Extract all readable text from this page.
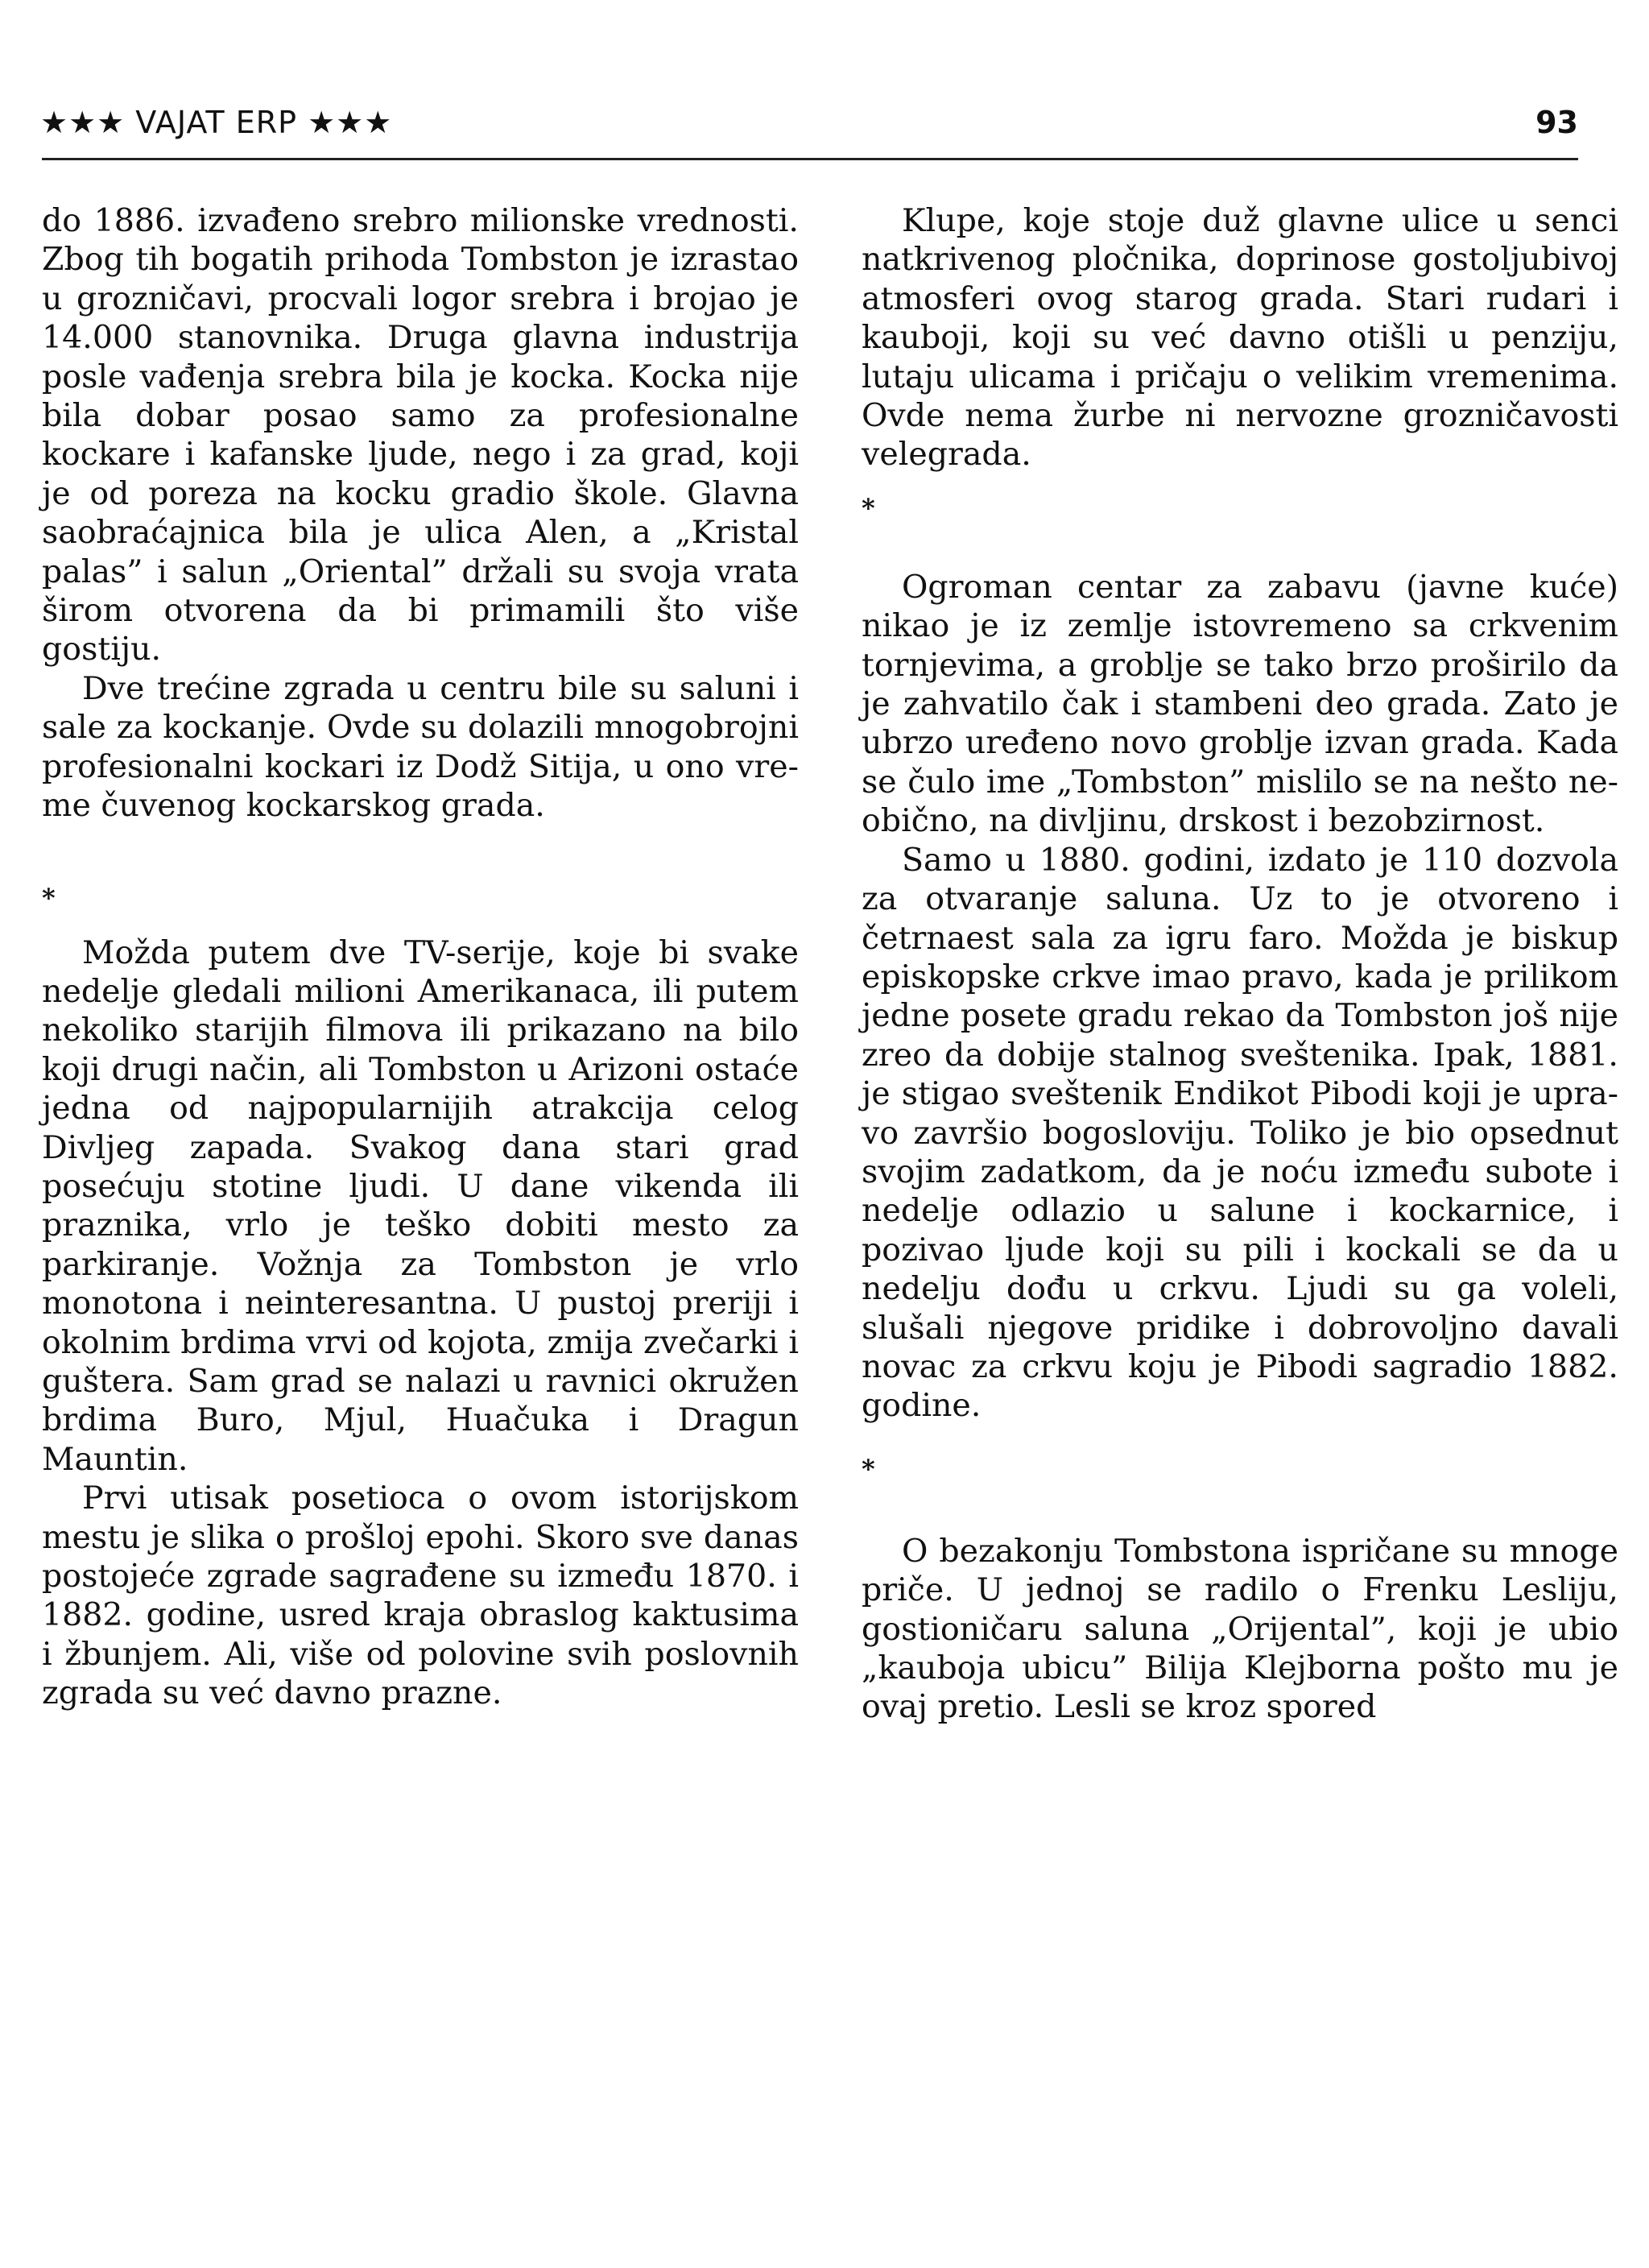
★★★ VAJAT ERP ★★★	93

do 1886. izvađeno srebro milionske vrednosti. Zbog tih bogatih prihoda Tombston je izrastao u grozničavi, procvali logor srebra i brojao je 14.000 stanovnika. Druga glavna industrija posle vađenja srebra bila je kocka. Kocka nije bila dobar posao samo za profesionalne kockare i kafanske ljude, nego i za grad, koji je od poreza na kocku gradio škole. Glavna saobraćajnica bila je ulica Alen, a „Kristal palas” i salun „Oriental” držali su svoja vrata širom otvorena da bi primamili što više gostiju.

Dve trećine zgrada u centru bile su saluni i sale za kockanje. Ovde su dolazili mnogobrojni profesionalni kockari iz Dodž Sitija, u ono vreme čuvenog kockarskog grada.

*

Možda putem dve TV-serije, koje bi svake nedelje gledali milioni Amerikanaca, ili putem nekoliko starijih filmova ili prikazano na bilo koji drugi način, ali Tombston u Arizoni ostaće jedna od najpopularnijih atrakcija celog Divljeg zapada. Svakog dana stari grad posećuju stotine ljudi. U dane vikenda ili praznika, vrlo je teško dobiti mesto za parkiranje. Vožnja za Tombston je vrlo monotona i neinteresantna. U pustoj preriji i okolnim brdima vrvi od kojota, zmija zvečarki i guštera. Sam grad se nalazi u ravnici okružen brdima Buro, Mjul, Huačuka i Dragun Mauntin.

Prvi utisak posetioca o ovom istorijskom mestu je slika o prošloj epohi. Skoro sve danas postojeće zgrade sagrađene su između 1870. i 1882. godine, usred kraja obraslog kaktusima i žbunjem. Ali, više od polovine svih poslovnih zgrada su već davno prazne.

Klupe, koje stoje duž glavne ulice u senci natkrivenog pločnika, doprinose gostoljubivoj atmosferi ovog starog grada. Stari rudari i kauboji, koji su već davno otišli u penziju, lutaju ulicama i pričaju o velikim vremenima. Ovde nema žurbe ni nervozne grozničavosti velegrada.

*

Ogroman centar za zabavu (javne kuće) nikao je iz zemlje istovremeno sa crkvenim tornjevima, a groblje se tako brzo proširilo da je zahvatilo čak i stambeni deo grada. Zato je ubrzo uređeno novo groblje izvan grada. Kada se čulo ime „Tombston” mislilo se na nešto neobično, na divljinu, drskost i bezobzirnost.

Samo u 1880. godini, izdato je 110 dozvola za otvaranje saluna. Uz to je otvoreno i četrnaest sala za igru faro. Možda je biskup episkopske crkve imao pravo, kada je prilikom jedne posete gradu rekao da Tombston još nije zreo da dobije stalnog sveštenika. Ipak, 1881. je stigao sveštenik Endikot Pibodi koji je upravo završio bogosloviju. Toliko je bio opsednut svojim zadatkom, da je noću između subote i nedelje odlazio u salune i kockarnice, i pozivao ljude koji su pili i kockali se da u nedelju dođu u crkvu. Ljudi su ga voleli, slušali njegove pridike i dobrovoljno davali novac za crkvu koju je Pibodi sagradio 1882. godine.

*

O bezakonju Tombstona ispričane su mnoge priče. U jednoj se radilo o Frenku Lesliju, gostioničaru saluna „Orijental”, koji je ubio „kauboja ubicu” Bilija Klejborna pošto mu je ovaj pretio. Lesli se kroz spored
